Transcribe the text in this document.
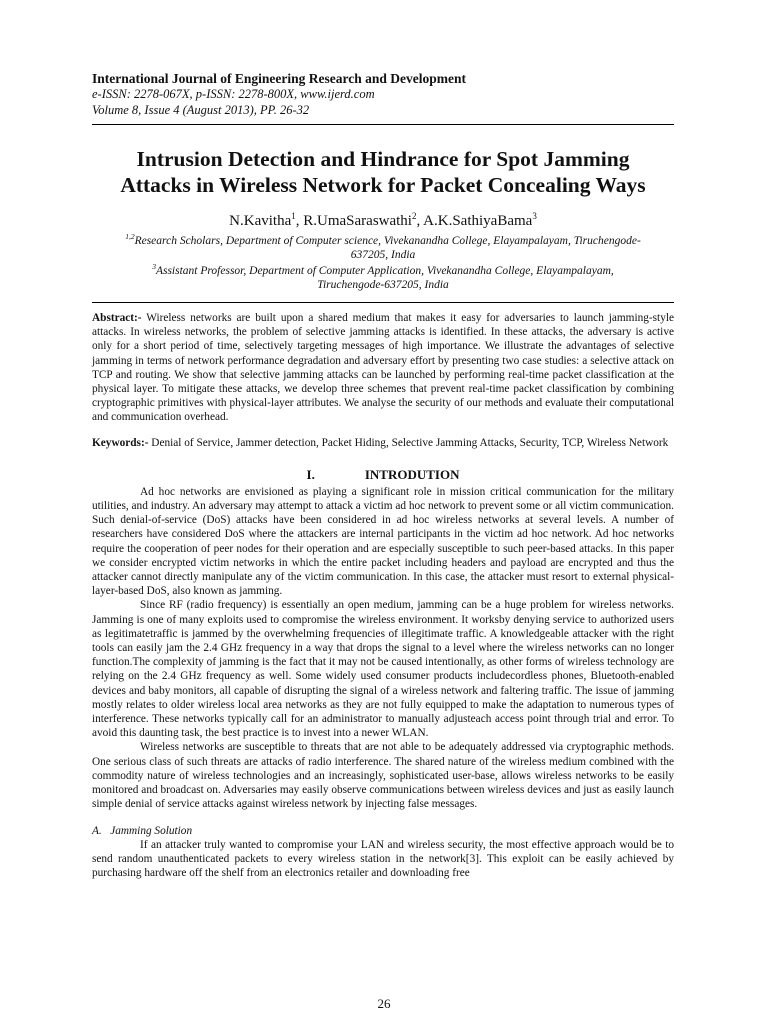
International Journal of Engineering Research and Development
e-ISSN: 2278-067X, p-ISSN: 2278-800X, www.ijerd.com
Volume 8, Issue 4 (August 2013), PP. 26-32
Intrusion Detection and Hindrance for Spot Jamming
Attacks in Wireless Network for Packet Concealing Ways
N.Kavitha$^1$, R.UmaSaraswathi$^2$, A.K.SathiyaBama$^3$
$^{1,2}$Research Scholars, Department of Computer science, Vivekanandha College, Elayampalayam, Tiruchengode-
637205, India
$^3$Assistant Professor, Department of Computer Application, Vivekanandha College, Elayampalayam,
Tiruchengode-637205, India

Abstract:- Wireless networks are built upon a shared medium that makes it easy for adversaries to launch jamming-style attacks. In wireless networks, the problem of selective jamming attacks is identified. In these attacks, the adversary is active only for a short period of time, selectively targeting messages of high importance. We illustrate the advantages of selective jamming in terms of network performance degradation and adversary effort by presenting two case studies: a selective attack on TCP and routing. We show that selective jamming attacks can be launched by performing real-time packet classification at the physical layer. To mitigate these attacks, we develop three schemes that prevent real-time packet classification by combining cryptographic primitives with physical-layer attributes. We analyse the security of our methods and evaluate their computational and communication overhead.

Keywords:- Denial of Service, Jammer detection, Packet Hiding, Selective Jamming Attacks, Security, TCP, Wireless Network

I.	INTRODUTION

Ad hoc networks are envisioned as playing a significant role in mission critical communication for the military utilities, and industry. An adversary may attempt to attack a victim ad hoc network to prevent some or all victim communication. Such denial-of-service (DoS) attacks have been considered in ad hoc wireless networks at several levels. A number of researchers have considered DoS where the attackers are internal participants in the victim ad hoc network. Ad hoc networks require the cooperation of peer nodes for their operation and are especially susceptible to such peer-based attacks. In this paper we consider encrypted victim networks in which the entire packet including headers and payload are encrypted and thus the attacker cannot directly manipulate any of the victim communication. In this case, the attacker must resort to external physical-layer-based DoS, also known as jamming.

Since RF (radio frequency) is essentially an open medium, jamming can be a huge problem for wireless networks. Jamming is one of many exploits used to compromise the wireless environment. It worksby denying service to authorized users as legitimatetraffic is jammed by the overwhelming frequencies of illegitimate traffic. A knowledgeable attacker with the right tools can easily jam the 2.4 GHz frequency in a way that drops the signal to a level where the wireless networks can no longer function.The complexity of jamming is the fact that it may not be caused intentionally, as other forms of wireless technology are relying on the 2.4 GHz frequency as well. Some widely used consumer products includecordless phones, Bluetooth-enabled devices and baby monitors, all capable of disrupting the signal of a wireless network and faltering traffic. The issue of jamming mostly relates to older wireless local area networks as they are not fully equipped to make the adaptation to numerous types of interference. These networks typically call for an administrator to manually adjusteach access point through trial and error. To avoid this daunting task, the best practice is to invest into a newer WLAN.

Wireless networks are susceptible to threats that are not able to be adequately addressed via cryptographic methods. One serious class of such threats are attacks of radio interference. The shared nature of the wireless medium combined with the commodity nature of wireless technologies and an increasingly, sophisticated user-base, allows wireless networks to be easily monitored and broadcast on. Adversaries may easily observe communications between wireless devices and just as easily launch simple denial of service attacks against wireless network by injecting false messages.

A.   Jamming Solution

If an attacker truly wanted to compromise your LAN and wireless security, the most effective approach would be to send random unauthenticated packets to every wireless station in the network[3]. This exploit can be easily achieved by purchasing hardware off the shelf from an electronics retailer and downloading free

26
